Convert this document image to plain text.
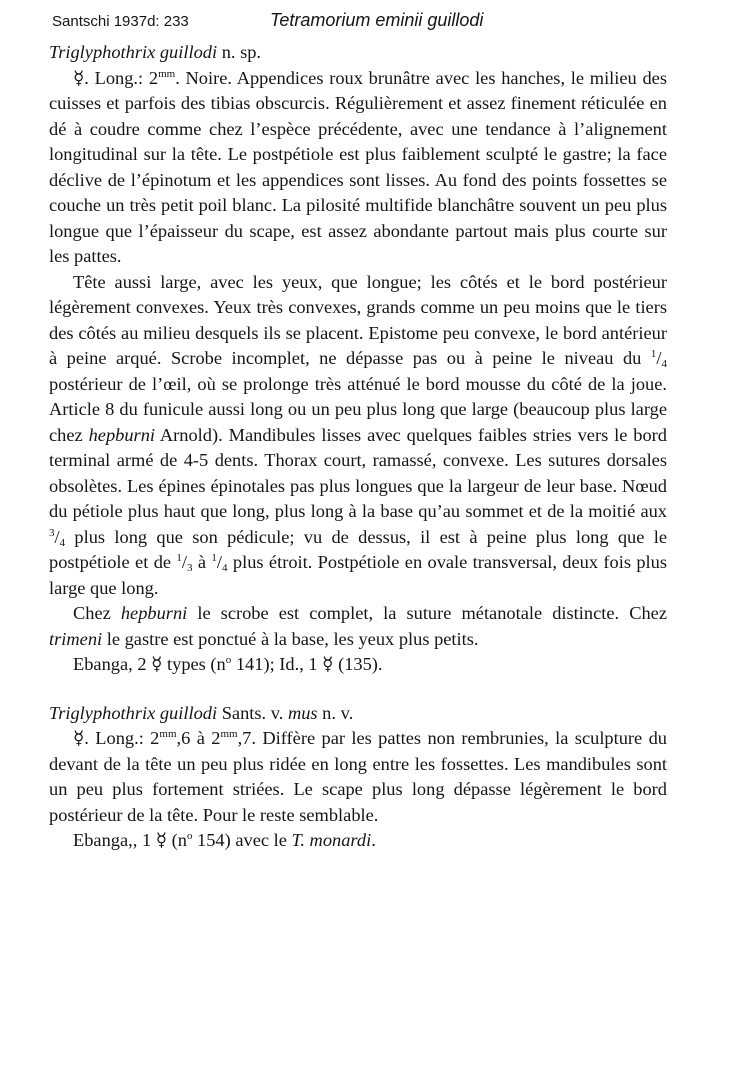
Santschi 1937d: 233	Tetramorium eminii guillodi

Triglyphothrix guillodi n. sp.

☿. Long.: $2^{mm}$. Noire. Appendices roux brunâtre avec les hanches, le milieu des cuisses et parfois des tibias obscurcis. Régulièrement et assez finement réticulée en dé à coudre comme chez l’espèce précédente, avec une tendance à l’alignement longitudinal sur la tête. Le postpétiole est plus faiblement sculpté le gastre; la face déclive de l’épinotum et les appendices sont lisses. Au fond des points fossettes se couche un très petit poil blanc. La pilosité multifide blanchâtre souvent un peu plus longue que l’épaisseur du scape, est assez abondante partout mais plus courte sur les pattes.

Tête aussi large, avec les yeux, que longue; les côtés et le bord postérieur légèrement convexes. Yeux très convexes, grands comme un peu moins que le tiers des côtés au milieu desquels ils se placent. Epistome peu convexe, le bord antérieur à peine arqué. Scrobe incomplet, ne dépasse pas ou à peine le niveau du $^1/_4$ postérieur de l’œil, où se prolonge très atténué le bord mousse du côté de la joue. Article 8 du funicule aussi long ou un peu plus long que large (beaucoup plus large chez hepburni Arnold). Mandibules lisses avec quelques faibles stries vers le bord terminal armé de 4-5 dents. Thorax court, ramassé, convexe. Les sutures dorsales obsolètes. Les épines épinotales pas plus longues que la largeur de leur base. Nœud du pétiole plus haut que long, plus long à la base qu’au sommet et de la moitié aux $^3/_4$ plus long que son pédicule; vu de dessus, il est à peine plus long que le postpétiole et de $^1/_3$ à $^1/_4$ plus étroit. Postpétiole en ovale transversal, deux fois plus large que long.

Chez hepburni le scrobe est complet, la suture métanotale distincte. Chez trimeni le gastre est ponctué à la base, les yeux plus petits.

Ebanga, 2 ☿ types ($n^o$ 141); Id., 1 ☿ (135).

Triglyphothrix guillodi Sants. v. mus n. v.

☿. Long.: $2^{mm},6$ à $2^{mm},7$. Diffère par les pattes non rembrunies, la sculpture du devant de la tête un peu plus ridée en long entre les fossettes. Les mandibules sont un peu plus fortement striées. Le scape plus long dépasse légèrement le bord postérieur de la tête. Pour le reste semblable.

Ebanga,, 1 ☿ ($n^o$ 154) avec le T. monardi.
